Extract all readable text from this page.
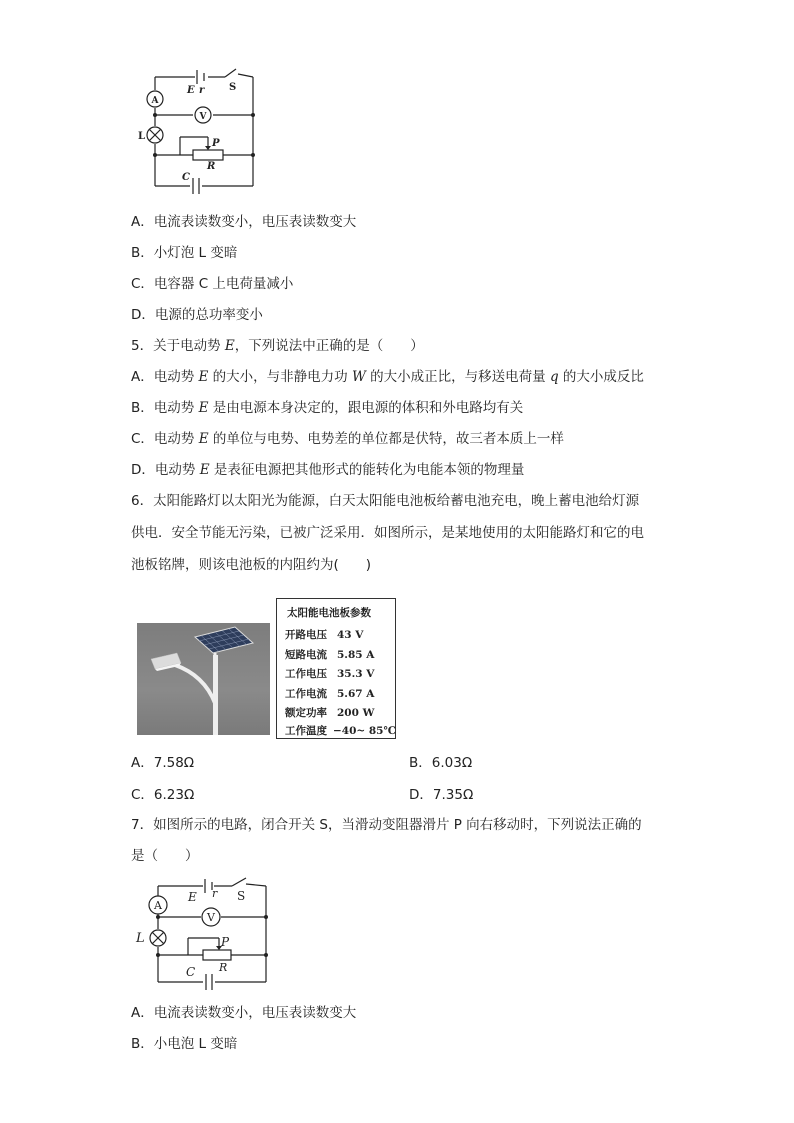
E r S
A
V
L
P
R
C
A．电流表读数变小，电压表读数变大
B．小灯泡 L 变暗
C．电容器 C 上电荷量减小
D．电源的总功率变小
5．关于电动势 E，下列说法中正确的是（　　）
A．电动势 E 的大小，与非静电力功 W 的大小成正比，与移送电荷量 q 的大小成反比
B．电动势 E 是由电源本身决定的，跟电源的体积和外电路均有关
C．电动势 E 的单位与电势、电势差的单位都是伏特，故三者本质上一样
D．电动势 E 是表征电源把其他形式的能转化为电能本领的物理量
6．太阳能路灯以太阳光为能源，白天太阳能电池板给蓄电池充电，晚上蓄电池给灯源
供电．安全节能无污染，已被广泛采用．如图所示，是某地使用的太阳能路灯和它的电
池板铭牌，则该电池板的内阻约为(　　)
太阳能电池板参数
开路电压 43 V
短路电流 5.85 A
工作电压 35.3 V
工作电流 5.67 A
额定功率 200 W
工作温度 −40~ 85℃
A．7.58Ω	B．6.03Ω
C．6.23Ω	D．7.35Ω
7．如图所示的电路，闭合开关 S，当滑动变阻器滑片 P 向右移动时，下列说法正确的
是（　　）
E r S
A
V
L	P
R
C
A．电流表读数变小，电压表读数变大
B．小电泡 L 变暗
